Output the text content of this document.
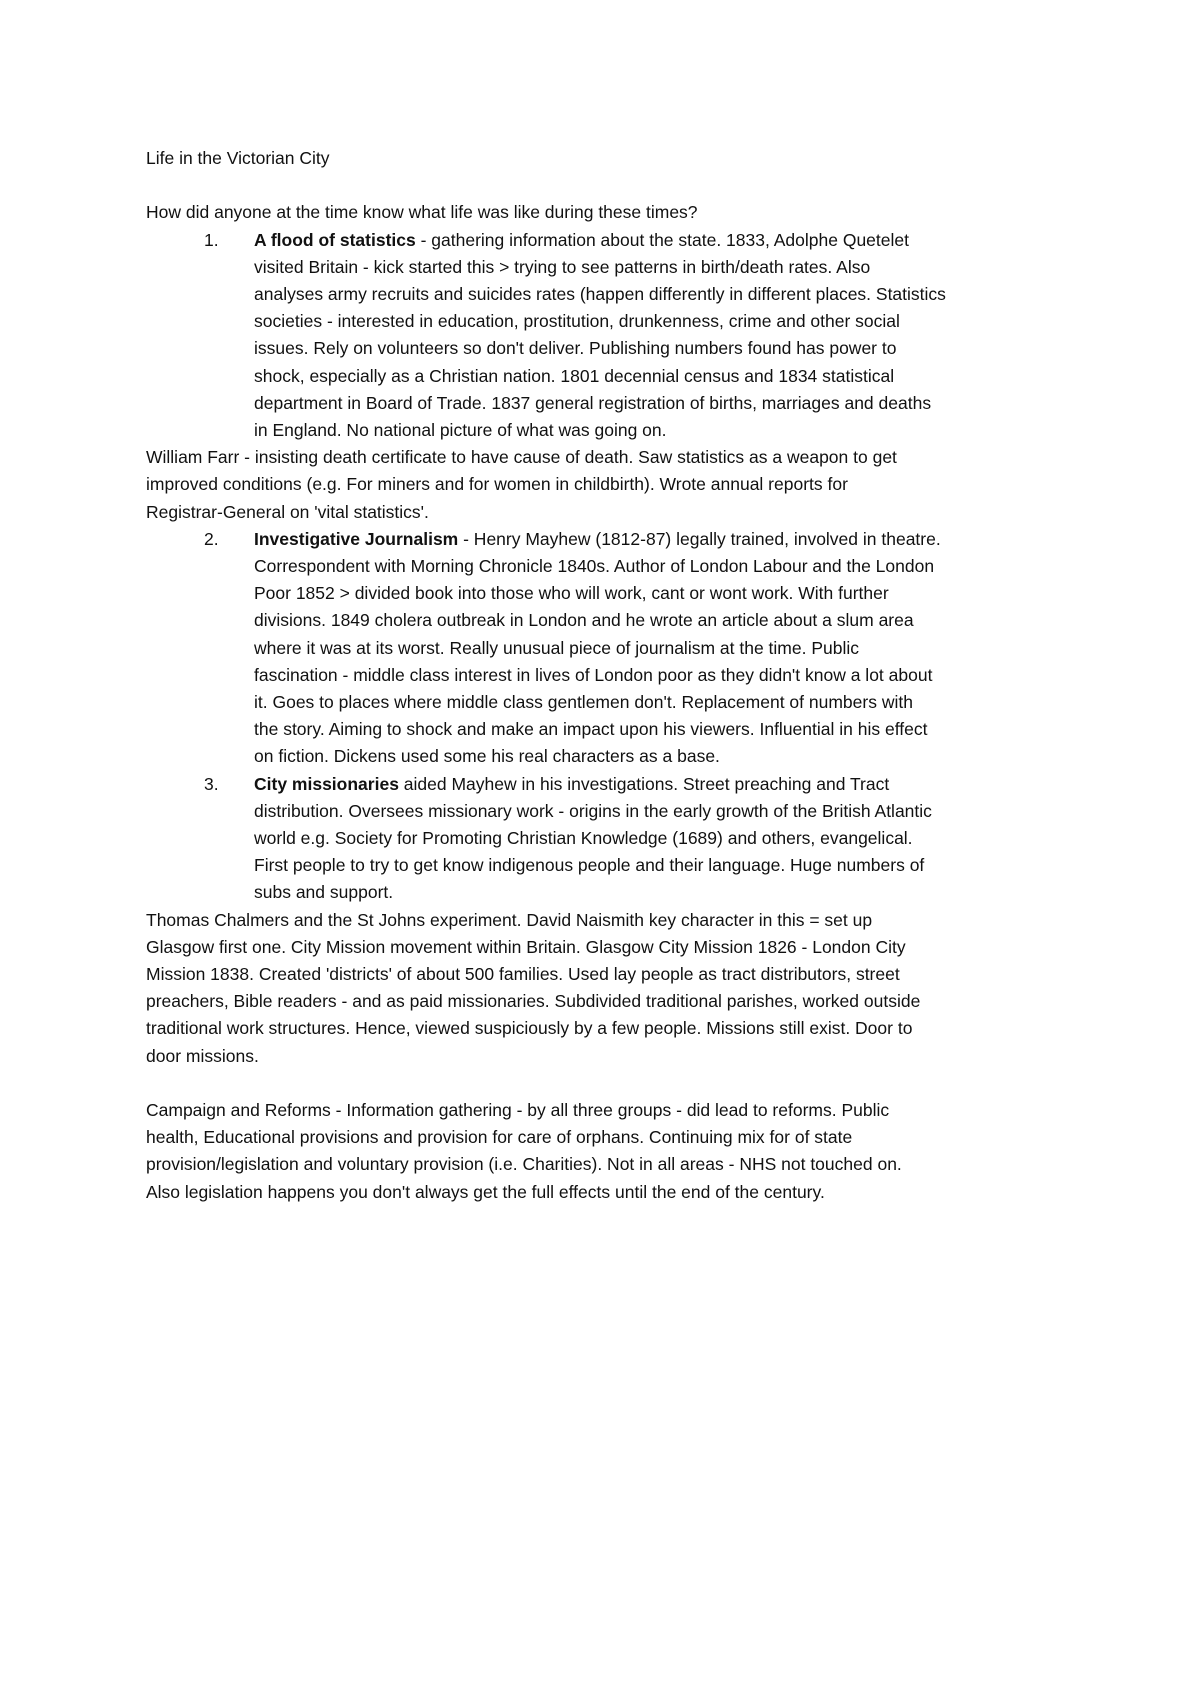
Life in the Victorian City

How did anyone at the time know what life was like during these times?

1. A flood of statistics - gathering information about the state. 1833, Adolphe Quetelet

visited Britain - kick started this > trying to see patterns in birth/death rates. Also

analyses army recruits and suicides rates (happen differently in different places. Statistics

societies - interested in education, prostitution, drunkenness, crime and other social

issues. Rely on volunteers so don't deliver. Publishing numbers found has power to

shock, especially as a Christian nation. 1801 decennial census and 1834 statistical

department in Board of Trade. 1837 general registration of births, marriages and deaths

in England. No national picture of what was going on.

William Farr - insisting death certificate to have cause of death. Saw statistics as a weapon to get

improved conditions (e.g. For miners and for women in childbirth). Wrote annual reports for

Registrar-General on 'vital statistics'.

2. Investigative Journalism - Henry Mayhew (1812-87) legally trained, involved in theatre.

Correspondent with Morning Chronicle 1840s. Author of London Labour and the London

Poor 1852 > divided book into those who will work, cant or wont work. With further

divisions. 1849 cholera outbreak in London and he wrote an article about a slum area

where it was at its worst. Really unusual piece of journalism at the time. Public

fascination - middle class interest in lives of London poor as they didn't know a lot about

it. Goes to places where middle class gentlemen don't. Replacement of numbers with

the story. Aiming to shock and make an impact upon his viewers. Influential in his effect

on fiction. Dickens used some his real characters as a base.

3. City missionaries aided Mayhew in his investigations. Street preaching and Tract

distribution. Oversees missionary work - origins in the early growth of the British Atlantic

world e.g. Society for Promoting Christian Knowledge (1689) and others, evangelical.

First people to try to get know indigenous people and their language. Huge numbers of

subs and support.

Thomas Chalmers and the St Johns experiment. David Naismith key character in this = set up

Glasgow first one. City Mission movement within Britain. Glasgow City Mission 1826 - London City

Mission 1838. Created 'districts' of about 500 families. Used lay people as tract distributors, street

preachers, Bible readers - and as paid missionaries. Subdivided traditional parishes, worked outside

traditional work structures. Hence, viewed suspiciously by a few people. Missions still exist. Door to

door missions.

Campaign and Reforms - Information gathering - by all three groups - did lead to reforms. Public

health, Educational provisions and provision for care of orphans. Continuing mix for of state

provision/legislation and voluntary provision (i.e. Charities). Not in all areas - NHS not touched on.

Also legislation happens you don't always get the full effects until the end of the century.
